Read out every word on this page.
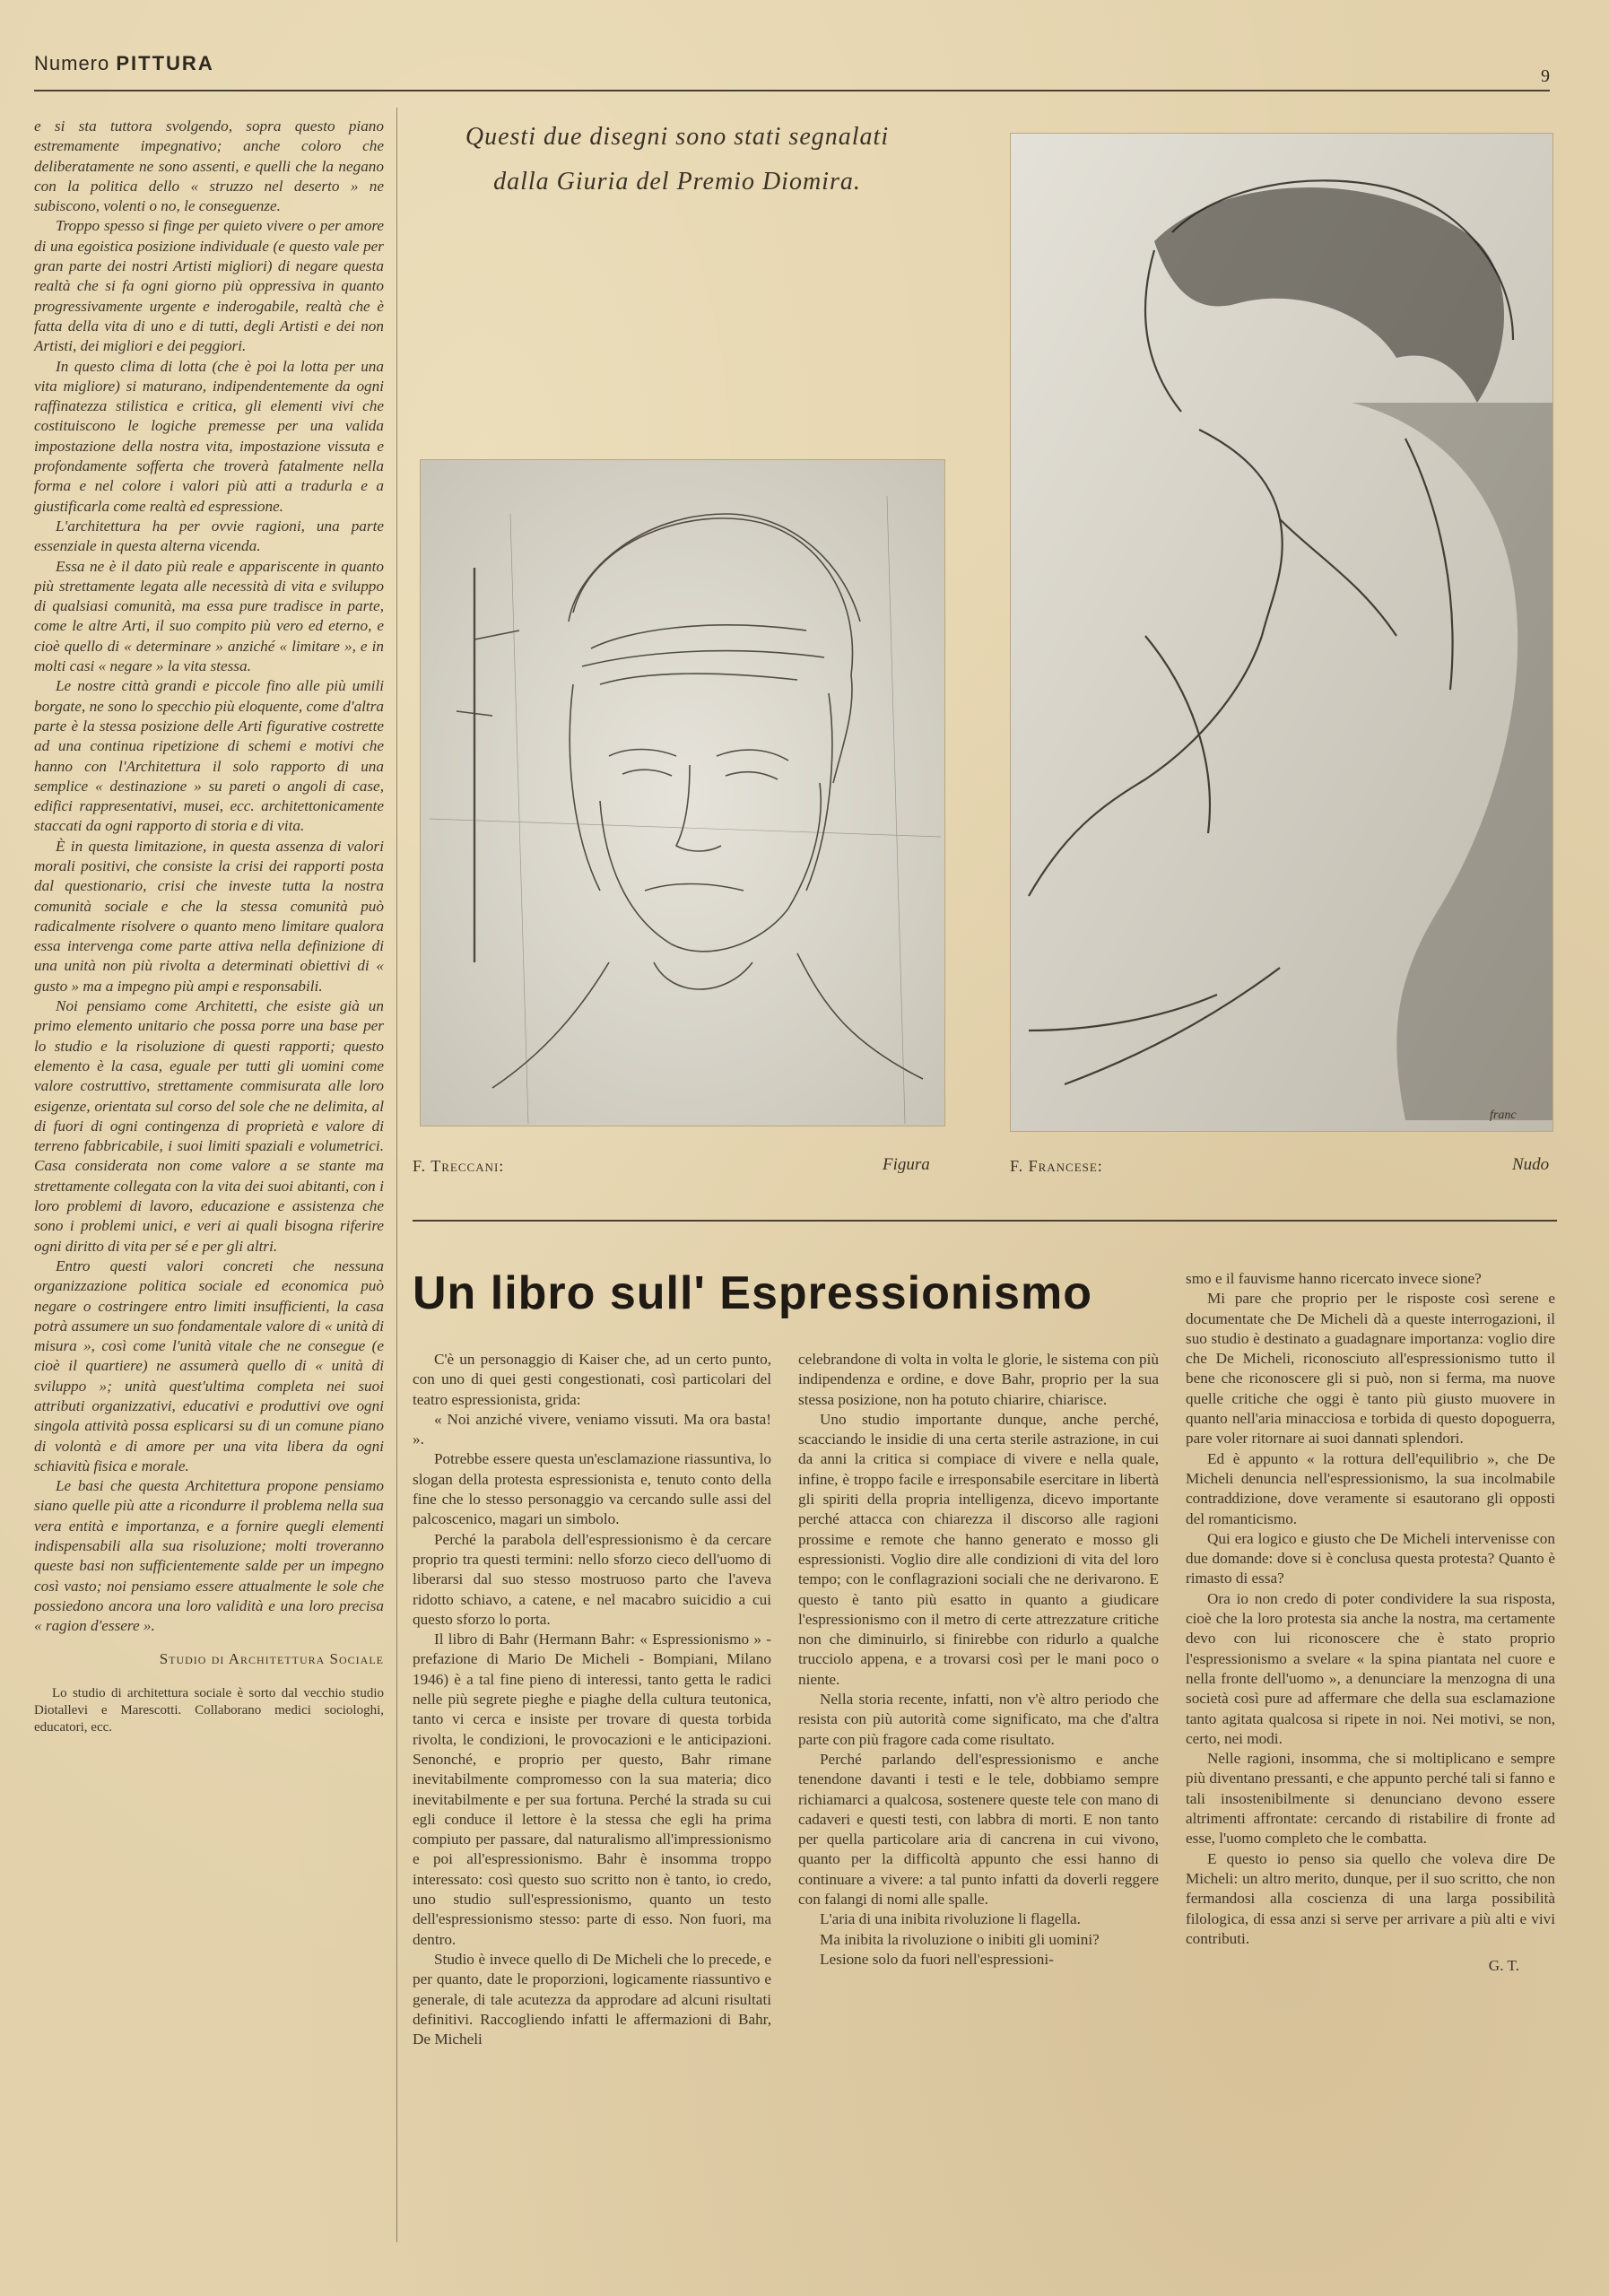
Numero PITTURA
9

e si sta tuttora svolgendo, sopra questo piano estremamente impegnativo; anche coloro che deliberatamente ne sono assenti, e quelli che la negano con la politica dello « struzzo nel deserto » ne subiscono, volenti o no, le conseguenze.

Troppo spesso si finge per quieto vivere o per amore di una egoistica posizione individuale (e questo vale per gran parte dei nostri Artisti migliori) di negare questa realtà che si fa ogni giorno più oppressiva in quanto progressivamente urgente e inderogabile, realtà che è fatta della vita di uno e di tutti, degli Artisti e dei non Artisti, dei migliori e dei peggiori.

In questo clima di lotta (che è poi la lotta per una vita migliore) si maturano, indipendentemente da ogni raffinatezza stilistica e critica, gli elementi vivi che costituiscono le logiche premesse per una valida impostazione della nostra vita, impostazione vissuta e profondamente sofferta che troverà fatalmente nella forma e nel colore i valori più atti a tradurla e a giustificarla come realtà ed espressione.

L'architettura ha per ovvie ragioni, una parte essenziale in questa alterna vicenda.

Essa ne è il dato più reale e appariscente in quanto più strettamente legata alle necessità di vita e sviluppo di qualsiasi comunità, ma essa pure tradisce in parte, come le altre Arti, il suo compito più vero ed eterno, e cioè quello di « determinare » anziché « limitare », e in molti casi « negare » la vita stessa.

Le nostre città grandi e piccole fino alle più umili borgate, ne sono lo specchio più eloquente, come d'altra parte è la stessa posizione delle Arti figurative costrette ad una continua ripetizione di schemi e motivi che hanno con l'Architettura il solo rapporto di una semplice « destinazione » su pareti o angoli di case, edifici rappresentativi, musei, ecc. architettonicamente staccati da ogni rapporto di storia e di vita.

È in questa limitazione, in questa assenza di valori morali positivi, che consiste la crisi dei rapporti posta dal questionario, crisi che investe tutta la nostra comunità sociale e che la stessa comunità può radicalmente risolvere o quanto meno limitare qualora essa intervenga come parte attiva nella definizione di una unità non più rivolta a determinati obiettivi di « gusto » ma a impegno più ampi e responsabili.

Noi pensiamo come Architetti, che esiste già un primo elemento unitario che possa porre una base per lo studio e la risoluzione di questi rapporti; questo elemento è la casa, eguale per tutti gli uomini come valore costruttivo, strettamente commisurata alle loro esigenze, orientata sul corso del sole che ne delimita, al di fuori di ogni contingenza di proprietà e valore di terreno fabbricabile, i suoi limiti spaziali e volumetrici. Casa considerata non come valore a se stante ma strettamente collegata con la vita dei suoi abitanti, con i loro problemi di lavoro, educazione e assistenza che sono i problemi unici, e veri ai quali bisogna riferire ogni diritto di vita per sé e per gli altri.

Entro questi valori concreti che nessuna organizzazione politica sociale ed economica può negare o costringere entro limiti insufficienti, la casa potrà assumere un suo fondamentale valore di « unità di misura », così come l'unità vitale che ne conseguе (e cioè il quartiere) ne assumerà quello di « unità di sviluppo »; unità quest'ultima completa nei suoi attributi organizzativi, educativi e produttivi ove ogni singola attività possa esplicarsi su di un comune piano di volontà e di amore per una vita libera da ogni schiavitù fisica e morale.

Le basi che questa Architettura propone pensiamo siano quelle più atte a ricondurre il problema nella sua vera entità e importanza, e a fornire quegli elementi indispensabili alla sua risoluzione; molti troveranno queste basi non sufficientemente salde per un impegno così vasto; noi pensiamo essere attualmente le sole che possiedono ancora una loro validità e una loro precisa « ragion d'essere ».

Studio di Architettura Sociale
Lo studio di architettura sociale è sorto dal vecchio studio Diotallevi e Marescotti. Collaborano medici sociologhi, educatori, ecc.
Questi due disegni sono stati segnalati
dalla Giuria del Premio Diomira.
franc
F. Treccani:	Figura	F. Francese:	Nudo
Un libro sull' Espressionismo

C'è un personaggio di Kaiser che, ad un certo punto, con uno di quei gesti congestionati, così particolari del teatro espressionista, grida:

« Noi anziché vivere, veniamo vissuti. Ma ora basta! ».

Potrebbe essere questa un'esclamazione riassuntiva, lo slogan della protesta espressionista e, tenuto conto della fine che lo stesso personaggio va cercando sulle assi del palcoscenico, magari un simbolo.

Perché la parabola dell'espressionismo è da cercare proprio tra questi termini: nello sforzo cieco dell'uomo di liberarsi dal suo stesso mostruoso parto che l'aveva ridotto schiavo, a catene, e nel macabro suicidio a cui questo sforzo lo porta.

Il libro di Bahr (Hermann Bahr: « Espressionismo » - prefazione di Mario De Micheli - Bompiani, Milano 1946) è a tal fine pieno di interessi, tanto getta le radici nelle più segrete pieghe e piaghe della cultura teutonica, tanto vi cerca e insiste per trovare di questa torbida rivolta, le condizioni, le provocazioni e le anticipazioni. Senonché, e proprio per questo, Bahr rimane inevitabilmente compromesso con la sua materia; dico inevitabilmente e per sua fortuna. Perché la strada su cui egli conduce il lettore è la stessa che egli ha prima compiuto per passare, dal naturalismo all'impressionismo e poi all'espressionismo. Bahr è insomma troppo interessato: così questo suo scritto non è tanto, io credo, uno studio sull'espressionismo, quanto un testo dell'espressionismo stesso: parte di esso. Non fuori, ma dentro.

Studio è invece quello di De Micheli che lo precede, e per quanto, date le proporzioni, logicamente riassuntivo e generale, di tale acutezza da approdare ad alcuni risultati definitivi. Raccogliendo infatti le affermazioni di Bahr, De Micheli

celebrandone di volta in volta le glorie, le sistema con più indipendenza e ordine, e dove Bahr, proprio per la sua stessa posizione, non ha potuto chiarire, chiarisce.

Uno studio importante dunque, anche perché, scacciando le insidie di una certa sterile astrazione, in cui da anni la critica si compiace di vivere e nella quale, infine, è troppo facile e irresponsabile esercitare in libertà gli spiriti della propria intelligenza, dicevo importante perché attacca con chiarezza il discorso alle ragioni prossime e remote che hanno generato e mosso gli espressionisti. Voglio dire alle condizioni di vita del loro tempo; con le conflagrazioni sociali che ne derivarono. E questo è tanto più esatto in quanto a giudicare l'espressionismo con il metro di certe attrezzature critiche non che diminuirlo, si finirebbe con ridurlo a qualche trucciolo appena, e a trovarsi così per le mani poco o niente.

Nella storia recente, infatti, non v'è altro periodo che resista con più autorità come significato, ma che d'altra parte con più fragore cada come risultato.

Perché parlando dell'espressionismo e anche tenendone davanti i testi e le tele, dobbiamo sempre richiamarci a qualcosa, sostenere queste tele con mano di cadaveri e questi testi, con labbra di morti. E non tanto per quella particolare aria di cancrena in cui vivono, quanto per la difficoltà appunto che essi hanno di continuare a vivere: a tal punto infatti da doverli reggere con falangi di nomi alle spalle.

L'aria di una inibita rivoluzione li flagella.

Ma inibita la rivoluzione o inibiti gli uomini?

Lesione solo da fuori nell'espressioni-

smo e il fauvisme hanno ricercato invece sione?

Mi pare che proprio per le risposte così serene e documentate che De Micheli dà a queste interrogazioni, il suo studio è destinato a guadagnare importanza: voglio dire che De Micheli, riconosciuto all'espressionismo tutto il bene che riconoscere gli si può, non si ferma, ma nuove quelle critiche che oggi è tanto più giusto muovere in quanto nell'aria minacciosa e torbida di questo dopoguerra, pare voler ritornare ai suoi dannati splendori.

Ed è appunto « la rottura dell'equilibrio », che De Micheli denuncia nell'espressionismo, la sua incolmabile contraddizione, dove veramente si esautorano gli opposti del romanticismo.

Qui era logico e giusto che De Micheli intervenisse con due domande: dove si è conclusa questa protesta? Quanto è rimasto di essa?

Ora io non credo di poter condividere la sua risposta, cioè che la loro protesta sia anche la nostra, ma certamente devo con lui riconoscere che è stato proprio l'espressionismo a svelare « la spina piantata nel cuore e nella fronte dell'uomo », a denunciare la menzogna di una società così pure ad affermare che della sua esclamazione tanto agitata qualcosa si ripete in noi. Nei motivi, se non, certo, nei modi.

Nelle ragioni, insomma, che si moltiplicano e sempre più diventano pressanti, e che appunto perché tali si fanno e tali insostenibilmente si denunciano devono essere altrimenti affrontate: cercando di ristabilire di fronte ad esse, l'uomo completo che le combatta.

E questo io penso sia quello che voleva dire De Micheli: un altro merito, dunque, per il suo scritto, che non fermandosi alla coscienza di una larga possibilità filologica, di essa anzi si serve per arrivare a più alti e vivi contributi.

G. T.
